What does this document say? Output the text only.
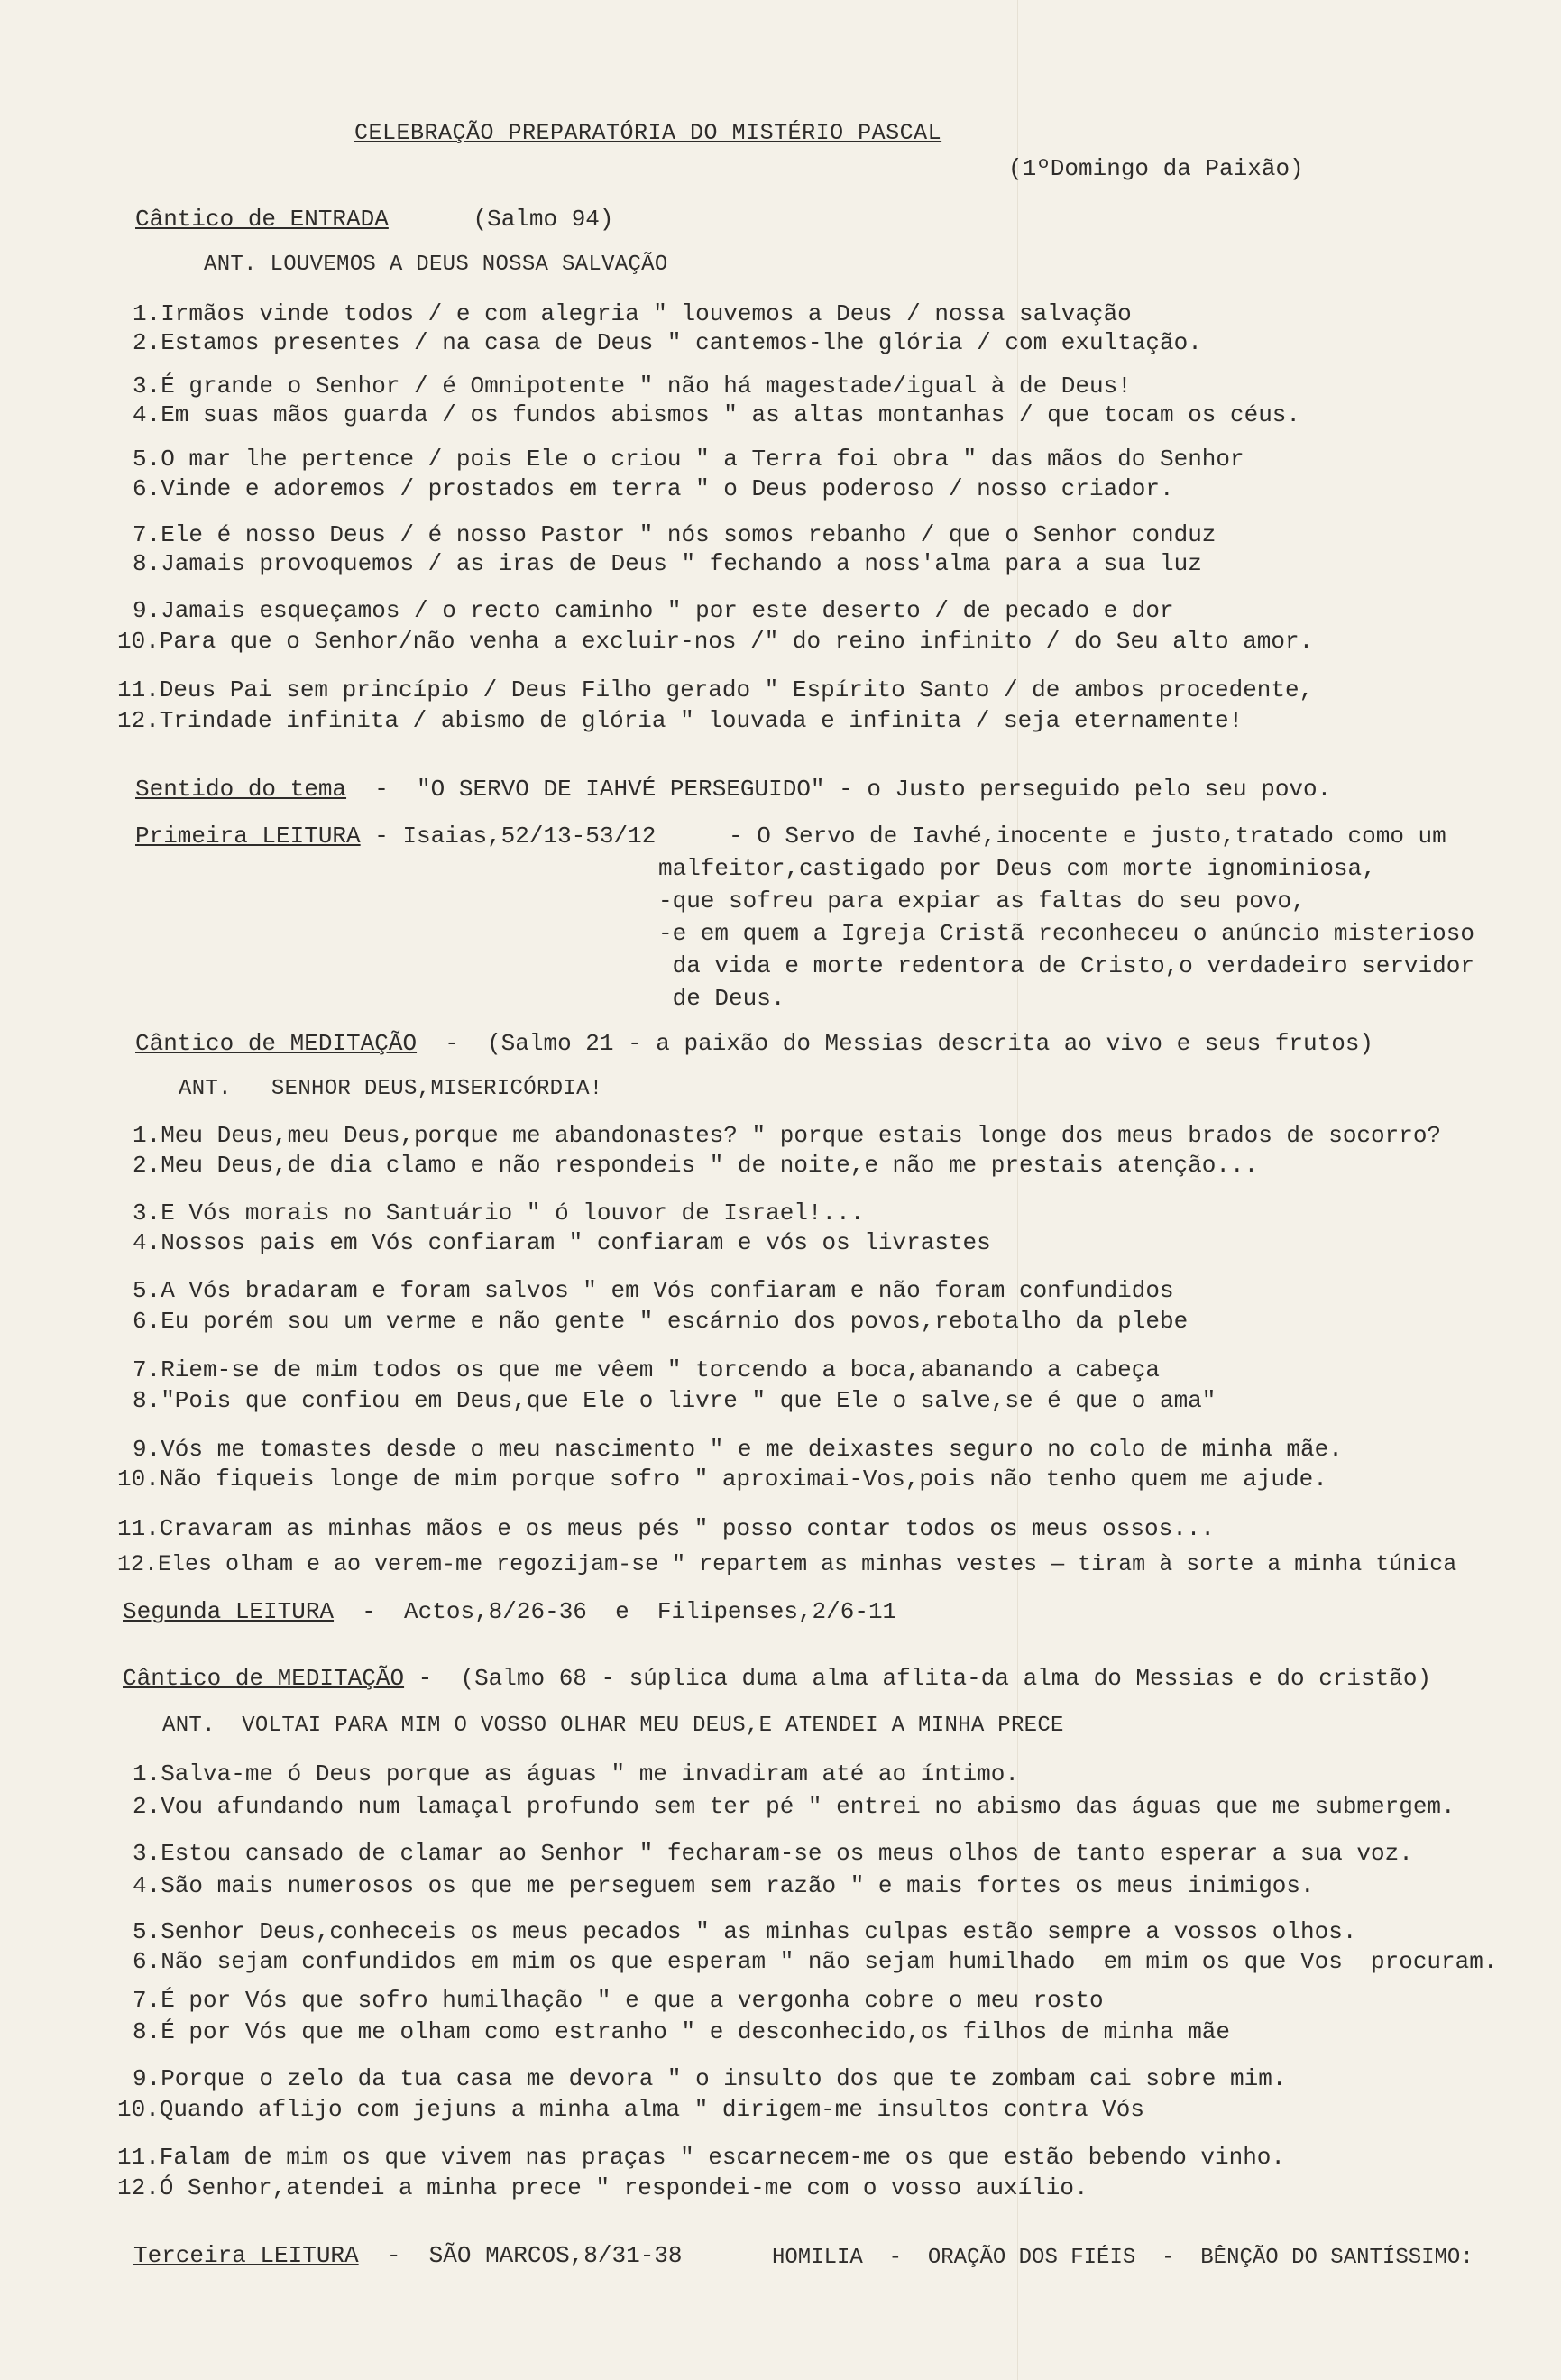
CELEBRAÇÃO PREPARATÓRIA DO MISTÉRIO PASCAL
(1ºDomingo da Paixão)
Cântico de ENTRADA	(Salmo 94)
ANT. LOUVEMOS A DEUS NOSSA SALVAÇÃO
1.Irmãos vinde todos / e com alegria " louvemos a Deus / nossa salvação
2.Estamos presentes / na casa de Deus " cantemos-lhe glória / com exultação.
3.É grande o Senhor / é Omnipotente " não há magestade/igual à de Deus!
4.Em suas mãos guarda / os fundos abismos " as altas montanhas / que tocam os céus.
5.O mar lhe pertence / pois Ele o criou " a Terra foi obra " das mãos do Senhor
6.Vinde e adoremos / prostados em terra " o Deus poderoso / nosso criador.
7.Ele é nosso Deus / é nosso Pastor " nós somos rebanho / que o Senhor conduz
8.Jamais provoquemos / as iras de Deus " fechando a noss'alma para a sua luz
9.Jamais esqueçamos / o recto caminho " por este deserto / de pecado e dor
10.Para que o Senhor/não venha a excluir-nos /" do reino infinito / do Seu alto amor.
11.Deus Pai sem princípio / Deus Filho gerado " Espírito Santo / de ambos procedente,
12.Trindade infinita / abismo de glória " louvada e infinita / seja eternamente!
Sentido do tema  -  "O SERVO DE IAHVÉ PERSEGUIDO" - o Justo perseguido pelo seu povo.
Primeira LEITURA - Isaias,52/13-53/12	- O Servo de Iavhé,inocente e justo,tratado como um
malfeitor,castigado por Deus com morte ignominiosa,
-que sofreu para expiar as faltas do seu povo,
-e em quem a Igreja Cristã reconheceu o anúncio misterioso
da vida e morte redentora de Cristo,o verdadeiro servidor
de Deus.
Cântico de MEDITAÇÃO  -  (Salmo 21 - a paixão do Messias descrita ao vivo e seus frutos)
ANT.   SENHOR DEUS,MISERICÓRDIA!
1.Meu Deus,meu Deus,porque me abandonastes? " porque estais longe dos meus brados de socorro?
2.Meu Deus,de dia clamo e não respondeis " de noite,e não me prestais atenção...
3.E Vós morais no Santuário " ó louvor de Israel!...
4.Nossos pais em Vós confiaram " confiaram e vós os livrastes
5.A Vós bradaram e foram salvos " em Vós confiaram e não foram confundidos
6.Eu porém sou um verme e não gente " escárnio dos povos,rebotalho da plebe
7.Riem-se de mim todos os que me vêem " torcendo a boca,abanando a cabeça
8."Pois que confiou em Deus,que Ele o livre " que Ele o salve,se é que o ama"
9.Vós me tomastes desde o meu nascimento " e me deixastes seguro no colo de minha mãe.
10.Não fiqueis longe de mim porque sofro " aproximai-Vos,pois não tenho quem me ajude.
11.Cravaram as minhas mãos e os meus pés " posso contar todos os meus ossos...
12.Eles olham e ao verem-me regozijam-se " repartem as minhas vestes — tiram à sorte a minha túnica
Segunda LEITURA  -  Actos,8/26-36  e  Filipenses,2/6-11
Cântico de MEDITAÇÃO -  (Salmo 68 - súplica duma alma aflita-da alma do Messias e do cristão)
ANT.  VOLTAI PARA MIM O VOSSO OLHAR MEU DEUS,E ATENDEI A MINHA PRECE
1.Salva-me ó Deus porque as águas " me invadiram até ao íntimo.
2.Vou afundando num lamaçal profundo sem ter pé " entrei no abismo das águas que me submergem.
3.Estou cansado de clamar ao Senhor " fecharam-se os meus olhos de tanto esperar a sua voz.
4.São mais numerosos os que me perseguem sem razão " e mais fortes os meus inimigos.
5.Senhor Deus,conheceis os meus pecados " as minhas culpas estão sempre a vossos olhos.
6.Não sejam confundidos em mim os que esperam " não sejam humilhado  em mim os que Vos  procuram.
7.É por Vós que sofro humilhação " e que a vergonha cobre o meu rosto
8.É por Vós que me olham como estranho " e desconhecido,os filhos de minha mãe
9.Porque o zelo da tua casa me devora " o insulto dos que te zombam cai sobre mim.
10.Quando aflijo com jejuns a minha alma " dirigem-me insultos contra Vós
11.Falam de mim os que vivem nas praças " escarnecem-me os que estão bebendo vinho.
12.Ó Senhor,atendei a minha prece " respondei-me com o vosso auxílio.
Terceira LEITURA  -  SÃO MARCOS,8/31-38	HOMILIA  -  ORAÇÃO DOS FIÉIS  -  BÊNÇÃO DO SANTÍSSIMO:
